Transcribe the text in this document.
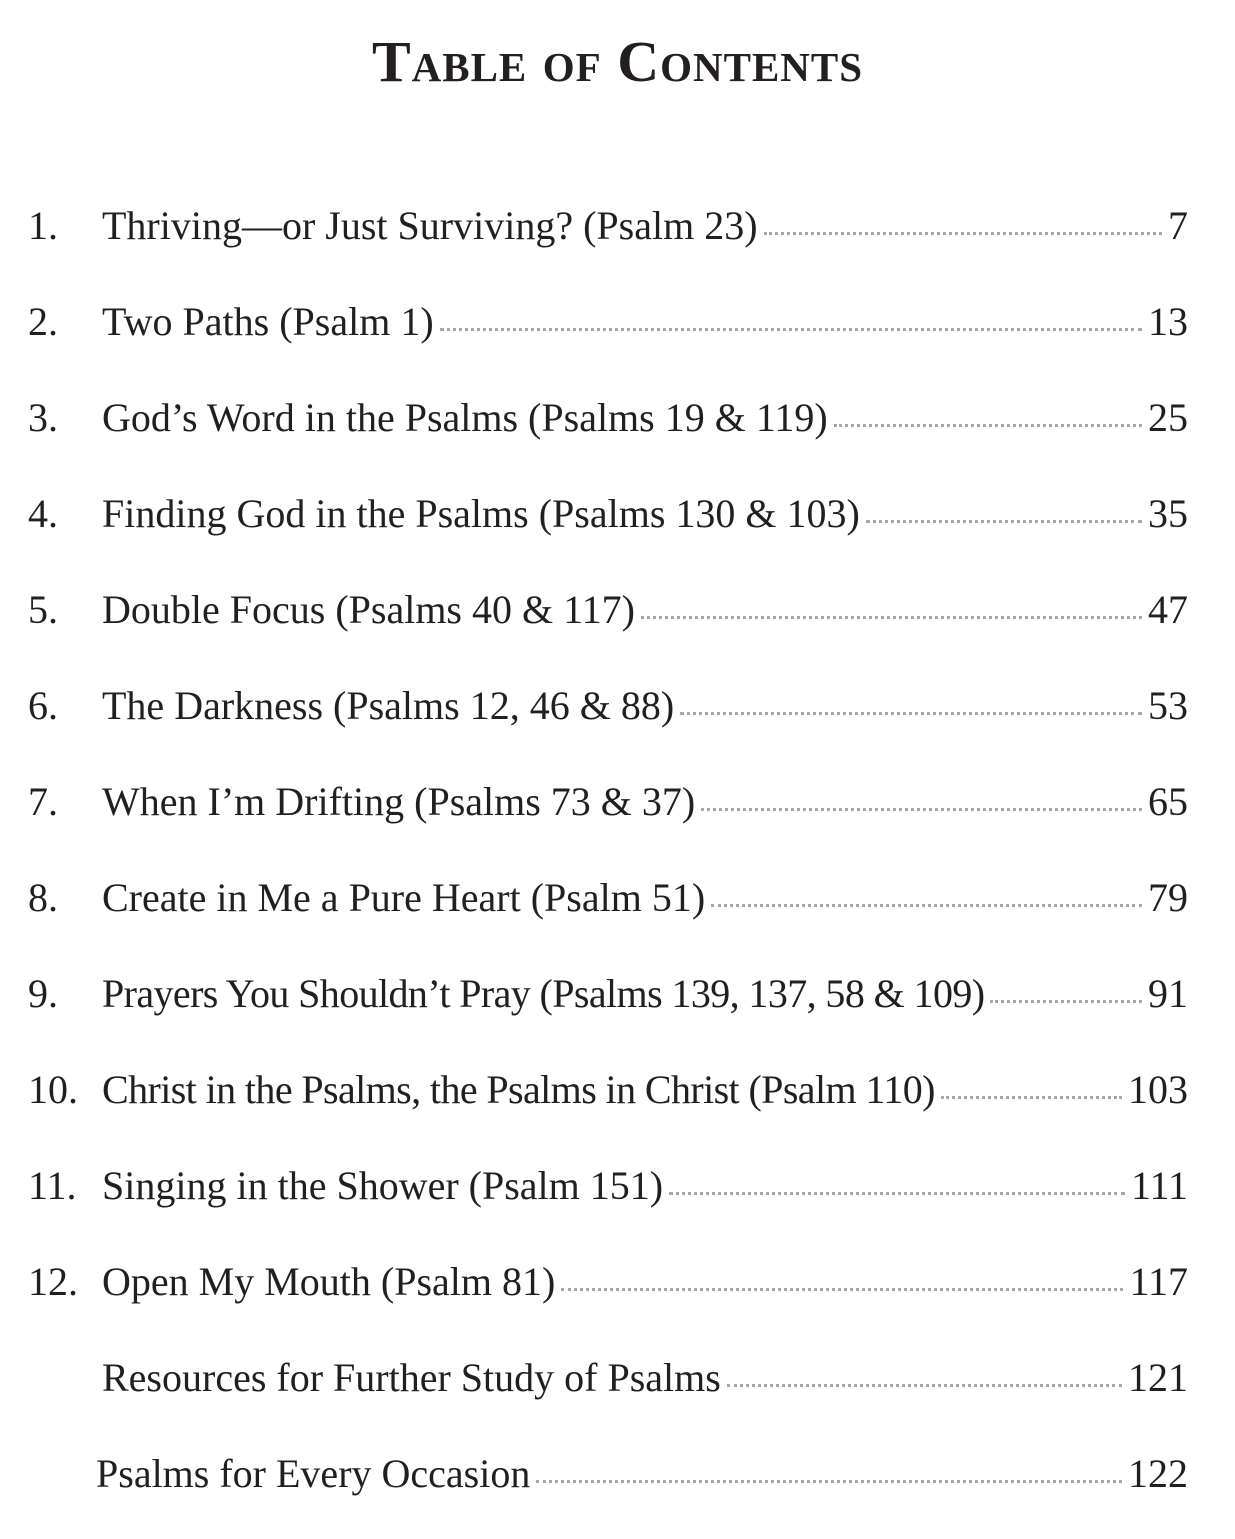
Table of Contents
1.	Thriving—or Just Surviving? (Psalm 23)	7
2.	Two Paths (Psalm 1)	13
3.	God’s Word in the Psalms (Psalms 19 & 119)	25
4.	Finding God in the Psalms (Psalms 130 & 103)	35
5.	Double Focus (Psalms 40 & 117)	47
6.	The Darkness (Psalms 12, 46 & 88)	53
7.	When I’m Drifting (Psalms 73 & 37)	65
8.	Create in Me a Pure Heart (Psalm 51)	79
9.	Prayers You Shouldn’t Pray (Psalms 139, 137, 58 & 109)	91
10. Christ in the Psalms, the Psalms in Christ (Psalm 110)	103
11. Singing in the Shower (Psalm 151)	111
12. Open My Mouth (Psalm 81)	117
Resources for Further Study of Psalms	121
Psalms for Every Occasion	122
